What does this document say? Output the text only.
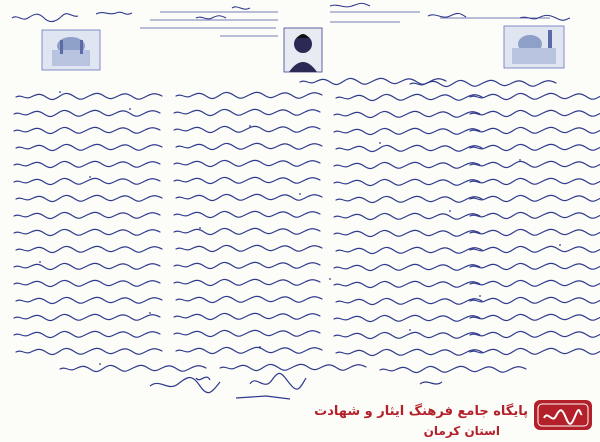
پایگاه جامع فرهنگ ایثار و شهادت
استان کرمان
